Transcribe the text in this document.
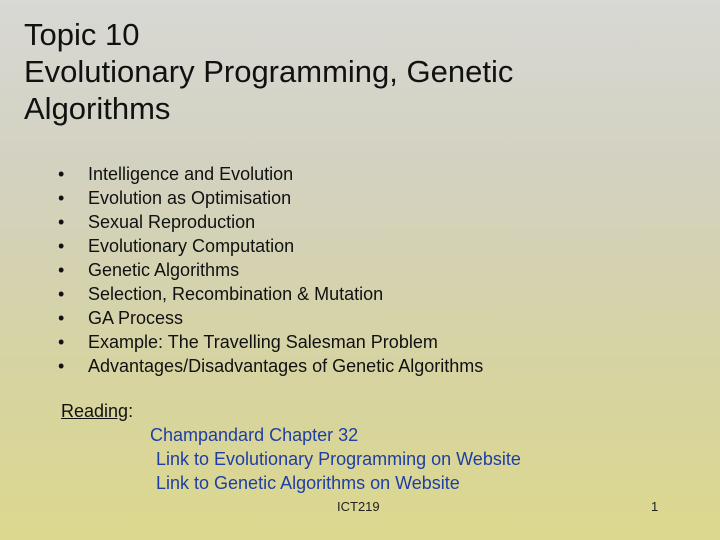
Topic 10
Evolutionary Programming, Genetic
Algorithms
•	Intelligence and Evolution
•	Evolution as Optimisation
•	Sexual Reproduction
•	Evolutionary Computation
•	Genetic Algorithms
•	Selection, Recombination & Mutation
•	GA Process
•	Example: The Travelling Salesman Problem
•	Advantages/Disadvantages of Genetic Algorithms
Reading:
Champandard Chapter 32
Link to Evolutionary Programming on Website
Link to Genetic Algorithms on Website
ICT219	1
